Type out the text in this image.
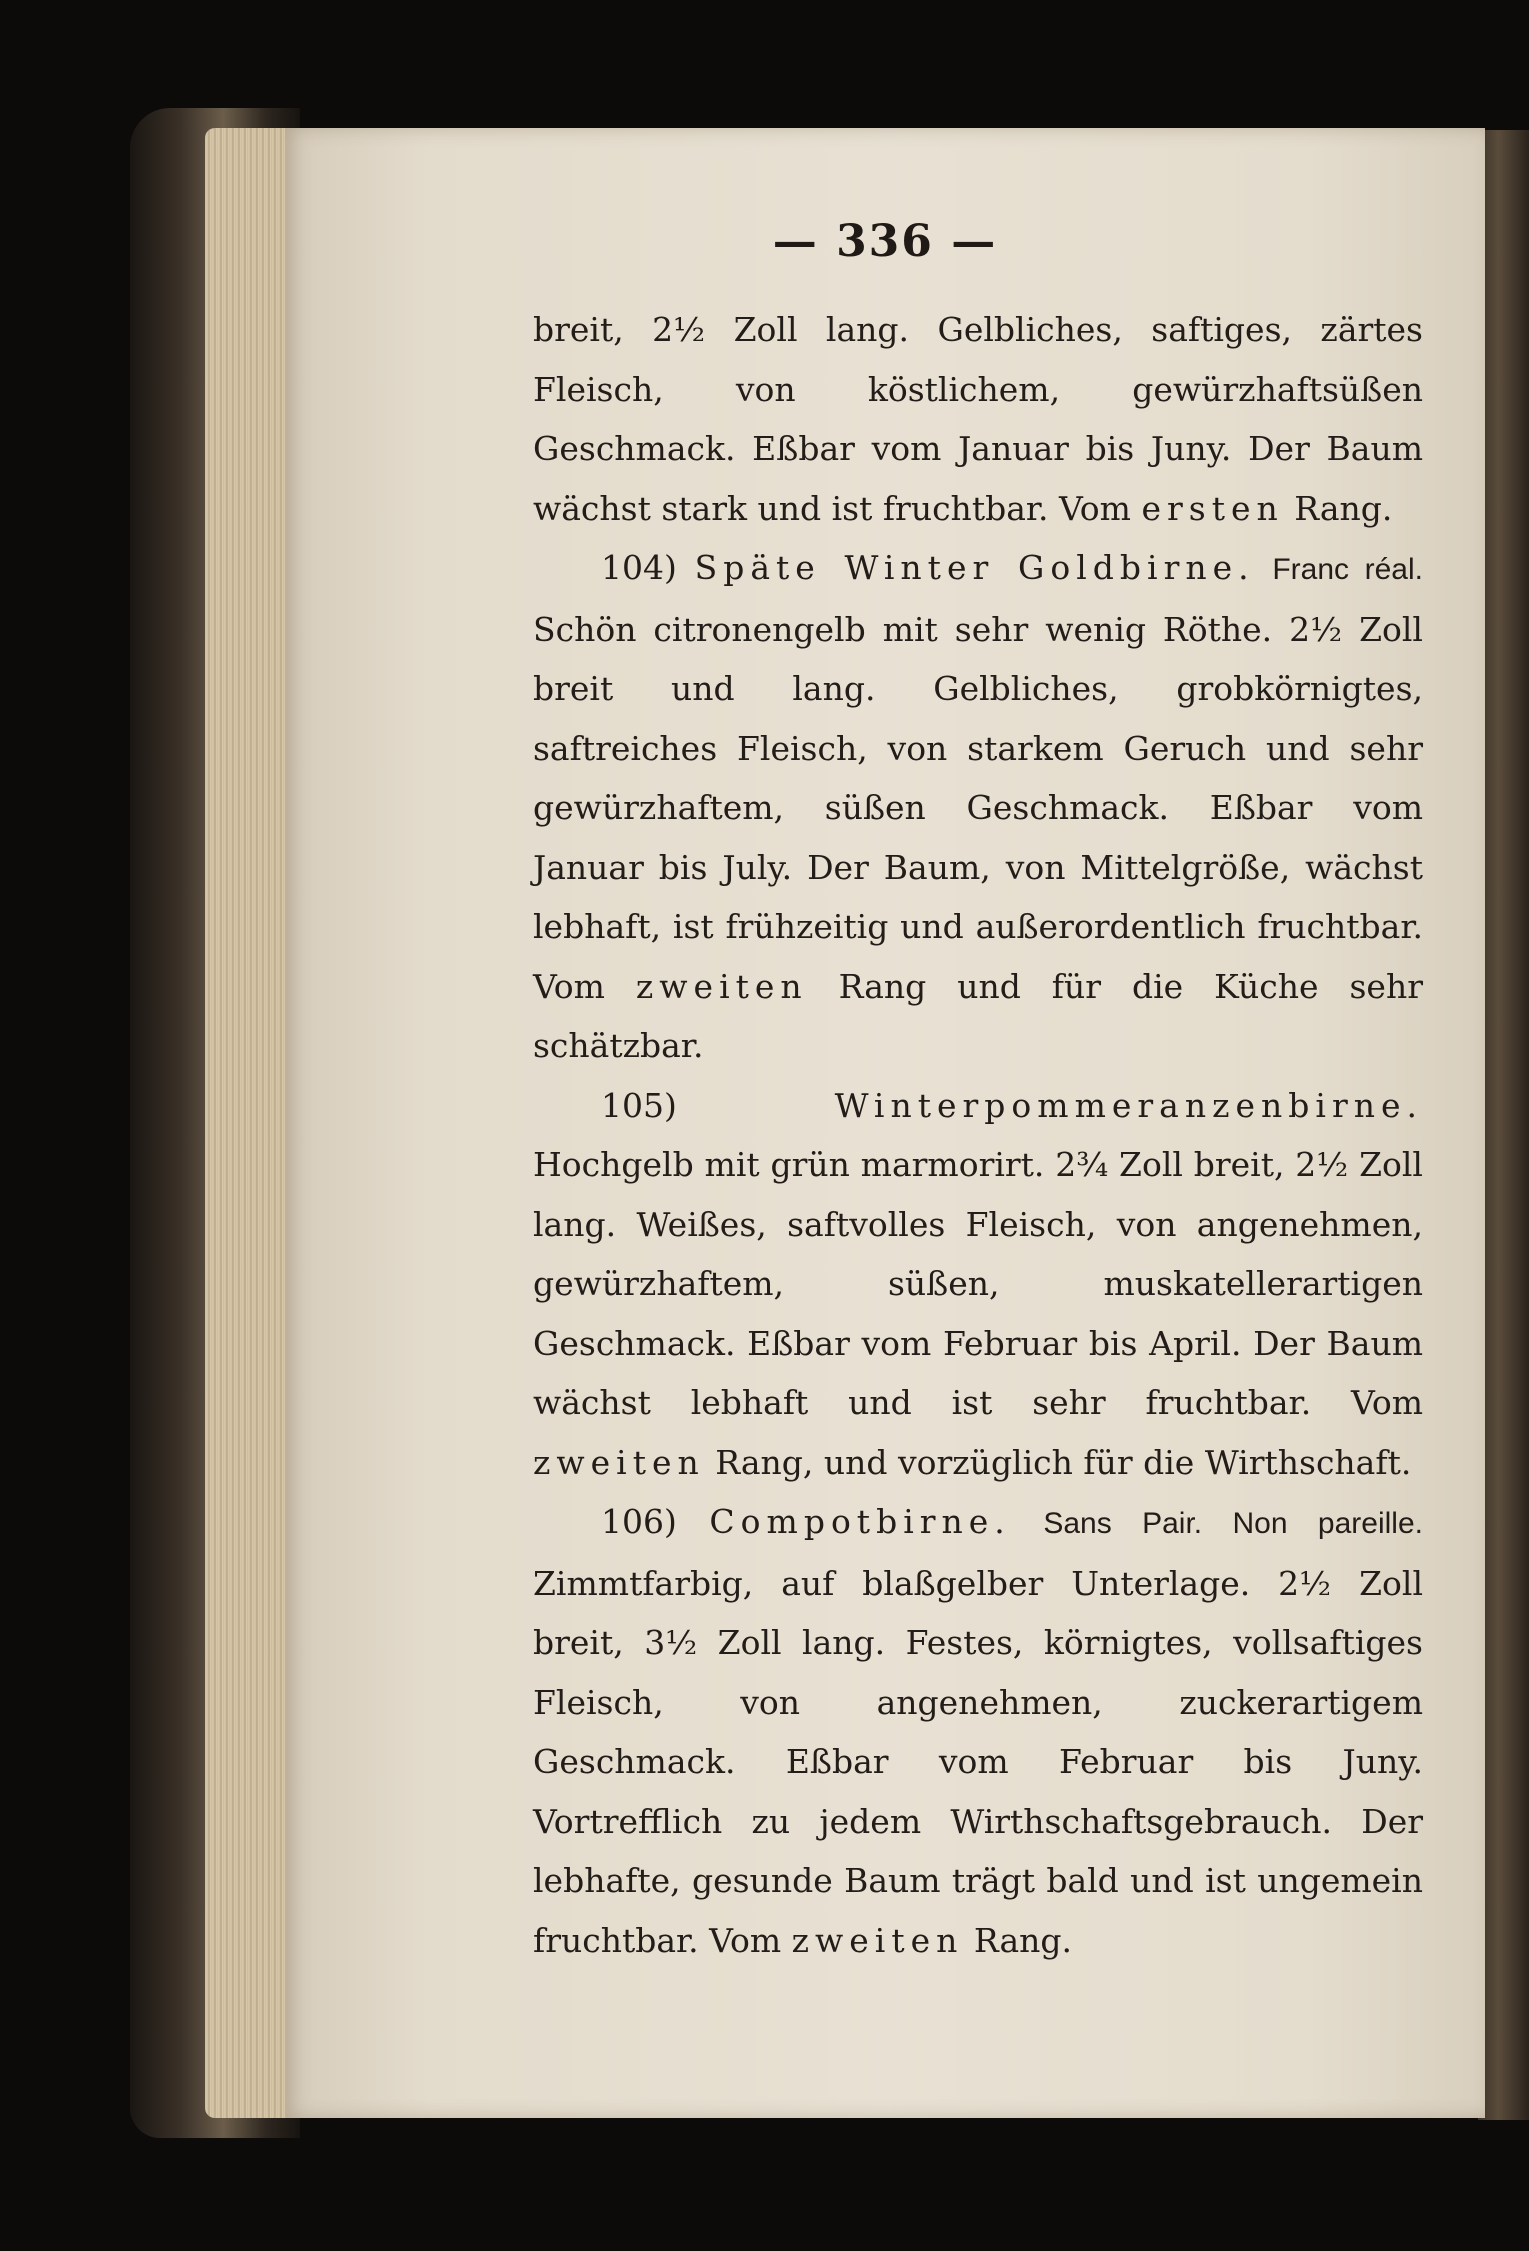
— 336 —

breit, 2½ Zoll lang. Gelbliches, saftiges, zärtes Fleisch, von köstlichem, gewürzhaftsüßen Geschmack. Eßbar vom Januar bis Juny. Der Baum wächst stark und ist fruchtbar. Vom ersten Rang.

104) Späte Winter Goldbirne. Franc réal. Schön citronengelb mit sehr wenig Röthe. 2½ Zoll breit und lang. Gelbliches, grobkörnigtes, saftreiches Fleisch, von starkem Geruch und sehr gewürzhaftem, süßen Geschmack. Eßbar vom Januar bis July. Der Baum, von Mittelgröße, wächst lebhaft, ist frühzeitig und außerordentlich fruchtbar. Vom zweiten Rang und für die Küche sehr schätzbar.

105) Winterpommeranzenbirne. Hochgelb mit grün marmorirt. 2¾ Zoll breit, 2½ Zoll lang. Weißes, saftvolles Fleisch, von angenehmen, gewürzhaftem, süßen, muskatellerartigen Geschmack. Eßbar vom Februar bis April. Der Baum wächst lebhaft und ist sehr fruchtbar. Vom zweiten Rang, und vorzüglich für die Wirthschaft.

106) Compotbirne. Sans Pair. Non pareille. Zimmtfarbig, auf blaßgelber Unterlage. 2½ Zoll breit, 3½ Zoll lang. Festes, körnigtes, vollsaftiges Fleisch, von angenehmen, zuckerartigem Geschmack. Eßbar vom Februar bis Juny. Vortrefflich zu jedem Wirthschaftsgebrauch. Der lebhafte, gesunde Baum trägt bald und ist ungemein fruchtbar. Vom zweiten Rang.
